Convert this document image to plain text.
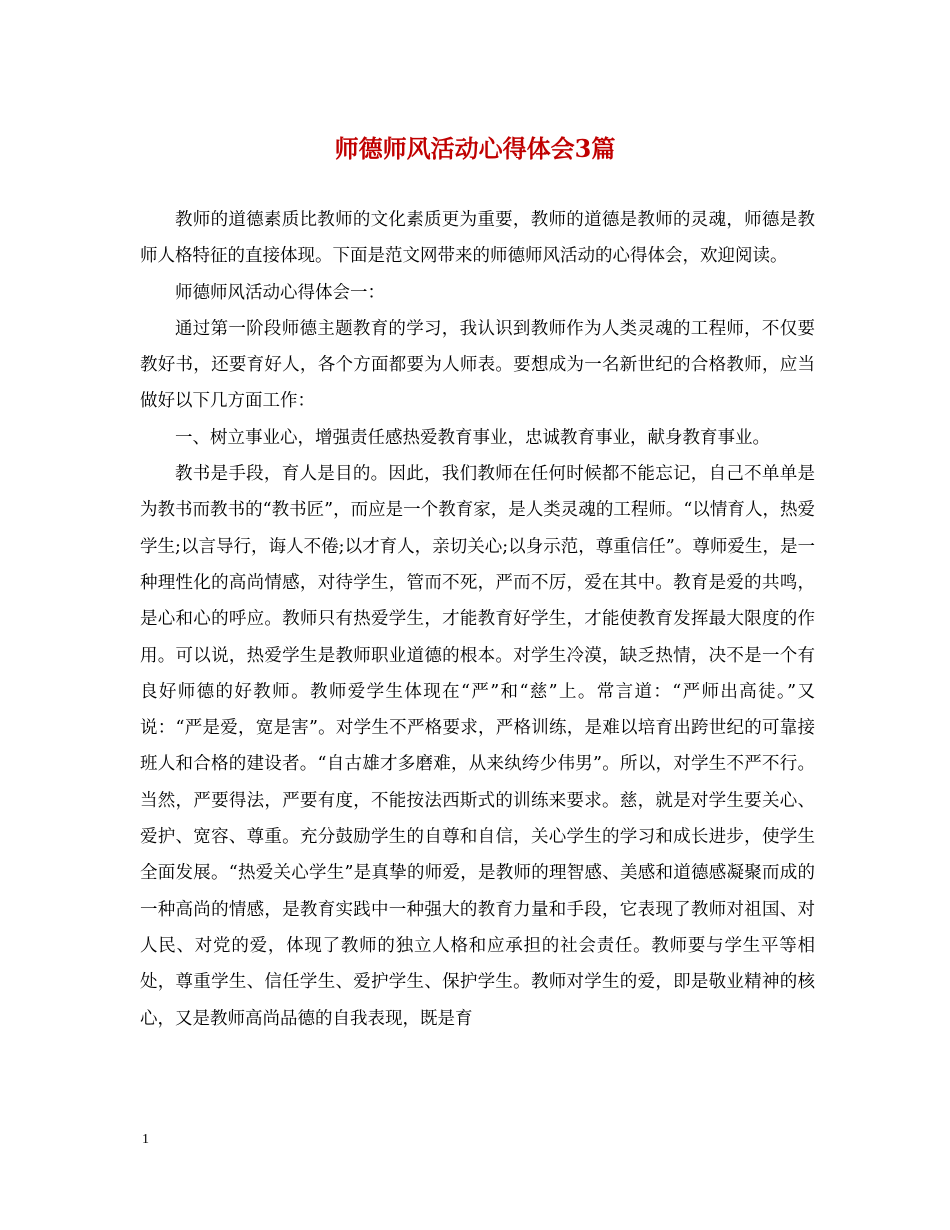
师德师风活动心得体会3篇

教师的道德素质比教师的文化素质更为重要，教师的道德是教师的灵魂，师德是教师人格特征的直接体现。下面是范文网带来的师德师风活动的心得体会，欢迎阅读。

师德师风活动心得体会一：

通过第一阶段师德主题教育的学习，我认识到教师作为人类灵魂的工程师，不仅要教好书，还要育好人，各个方面都要为人师表。要想成为一名新世纪的合格教师，应当做好以下几方面工作：

一、树立事业心，增强责任感热爱教育事业，忠诚教育事业，献身教育事业。

教书是手段，育人是目的。因此，我们教师在任何时候都不能忘记，自己不单单是为教书而教书的“教书匠”，而应是一个教育家，是人类灵魂的工程师。“以情育人，热爱学生;以言导行，诲人不倦;以才育人，亲切关心;以身示范，尊重信任”。尊师爱生，是一种理性化的高尚情感，对待学生，管而不死，严而不厉，爱在其中。教育是爱的共鸣，是心和心的呼应。教师只有热爱学生，才能教育好学生，才能使教育发挥最大限度的作用。可以说，热爱学生是教师职业道德的根本。对学生冷漠，缺乏热情，决不是一个有良好师德的好教师。教师爱学生体现在“严”和“慈”上。常言道：“严师出高徒。”又说：“严是爱，宽是害”。对学生不严格要求，严格训练，是难以培育出跨世纪的可靠接班人和合格的建设者。“自古雄才多磨难，从来纨绔少伟男”。所以，对学生不严不行。当然，严要得法，严要有度，不能按法西斯式的训练来要求。慈，就是对学生要关心、爱护、宽容、尊重。充分鼓励学生的自尊和自信，关心学生的学习和成长进步，使学生全面发展。“热爱关心学生”是真挚的师爱，是教师的理智感、美感和道德感凝聚而成的一种高尚的情感，是教育实践中一种强大的教育力量和手段，它表现了教师对祖国、对人民、对党的爱，体现了教师的独立人格和应承担的社会责任。教师要与学生平等相处，尊重学生、信任学生、爱护学生、保护学生。教师对学生的爱，即是敬业精神的核心，又是教师高尚品德的自我表现，既是育

1
